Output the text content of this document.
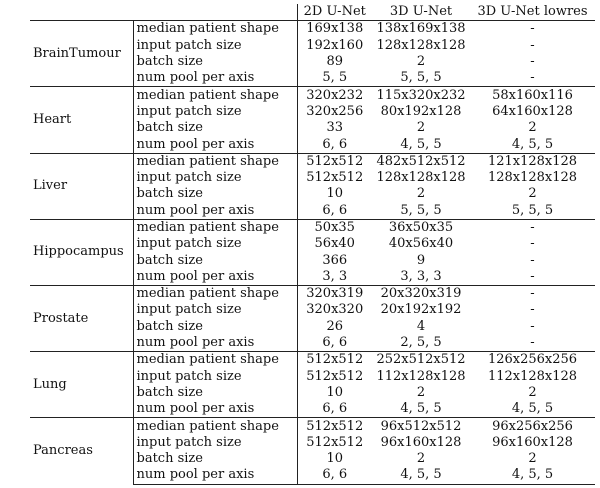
		2D U-Net	3D U-Net	3D U-Net lowres
BrainTumour	median patient shape	169x138	138x169x138	-
	input patch size	192x160	128x128x128	-
	batch size	89	2	-
	num pool per axis	5, 5	5, 5, 5	-
Heart	median patient shape	320x232	115x320x232	58x160x116
	input patch size	320x256	80x192x128	64x160x128
	batch size	33	2	2
	num pool per axis	6, 6	4, 5, 5	4, 5, 5
Liver	median patient shape	512x512	482x512x512	121x128x128
	input patch size	512x512	128x128x128	128x128x128
	batch size	10	2	2
	num pool per axis	6, 6	5, 5, 5	5, 5, 5
Hippocampus	median patient shape	50x35	36x50x35	-
	input patch size	56x40	40x56x40	-
	batch size	366	9	-
	num pool per axis	3, 3	3, 3, 3	-
Prostate	median patient shape	320x319	20x320x319	-
	input patch size	320x320	20x192x192	-
	batch size	26	4	-
	num pool per axis	6, 6	2, 5, 5	-
Lung	median patient shape	512x512	252x512x512	126x256x256
	input patch size	512x512	112x128x128	112x128x128
	batch size	10	2	2
	num pool per axis	6, 6	4, 5, 5	4, 5, 5
Pancreas	median patient shape	512x512	96x512x512	96x256x256
	input patch size	512x512	96x160x128	96x160x128
	batch size	10	2	2
	num pool per axis	6, 6	4, 5, 5	4, 5, 5
